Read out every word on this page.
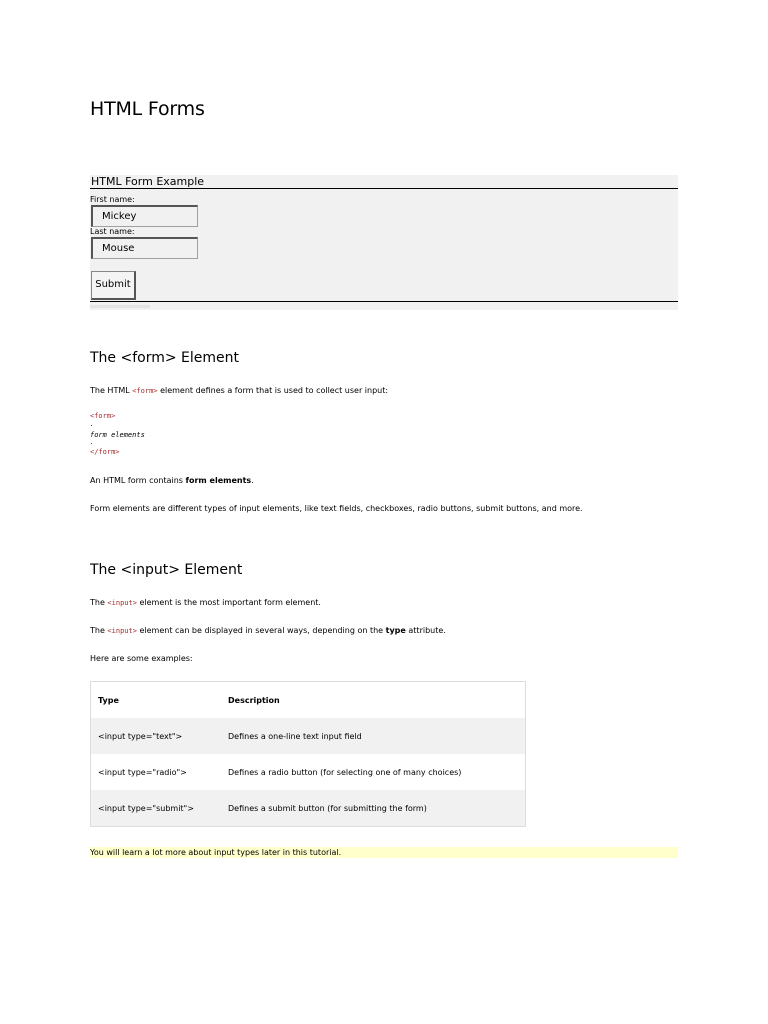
HTML Forms
HTML Form Example
First name:
Mickey
Last name:
Mouse
Submit
The <form> Element

The HTML <form> element defines a form that is used to collect user input:

<form>
form elements
</form>

An HTML form contains form elements.

Form elements are different types of input elements, like text fields, checkboxes, radio buttons, submit buttons, and more.

The <input> Element

The <input> element is the most important form element.

The <input> element can be displayed in several ways, depending on the type attribute.

Here are some examples:

Type	Description
<input type="text">	Defines a one-line text input field
<input type="radio">	Defines a radio button (for selecting one of many choices)
<input type="submit">	Defines a submit button (for submitting the form)
You will learn a lot more about input types later in this tutorial.
